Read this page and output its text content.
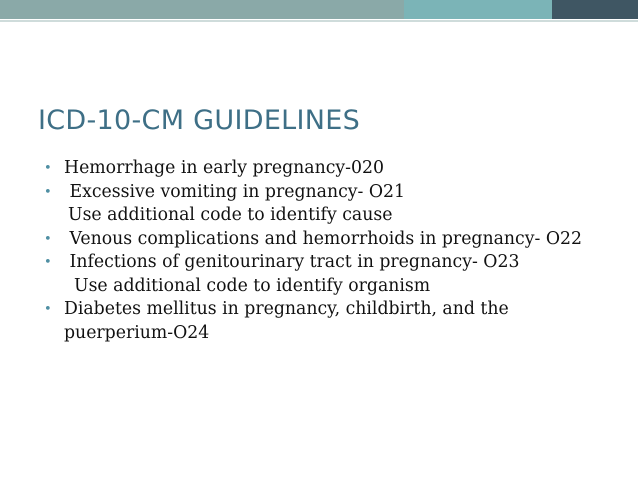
ICD-10-CM GUIDELINES
• Hemorrhage in early pregnancy-020
• Excessive vomiting in pregnancy- O21
Use additional code to identify cause
• Venous complications and hemorrhoids in pregnancy- O22
• Infections of genitourinary tract in pregnancy- O23
Use additional code to identify organism
• Diabetes mellitus in pregnancy, childbirth, and the puerperium-O24
